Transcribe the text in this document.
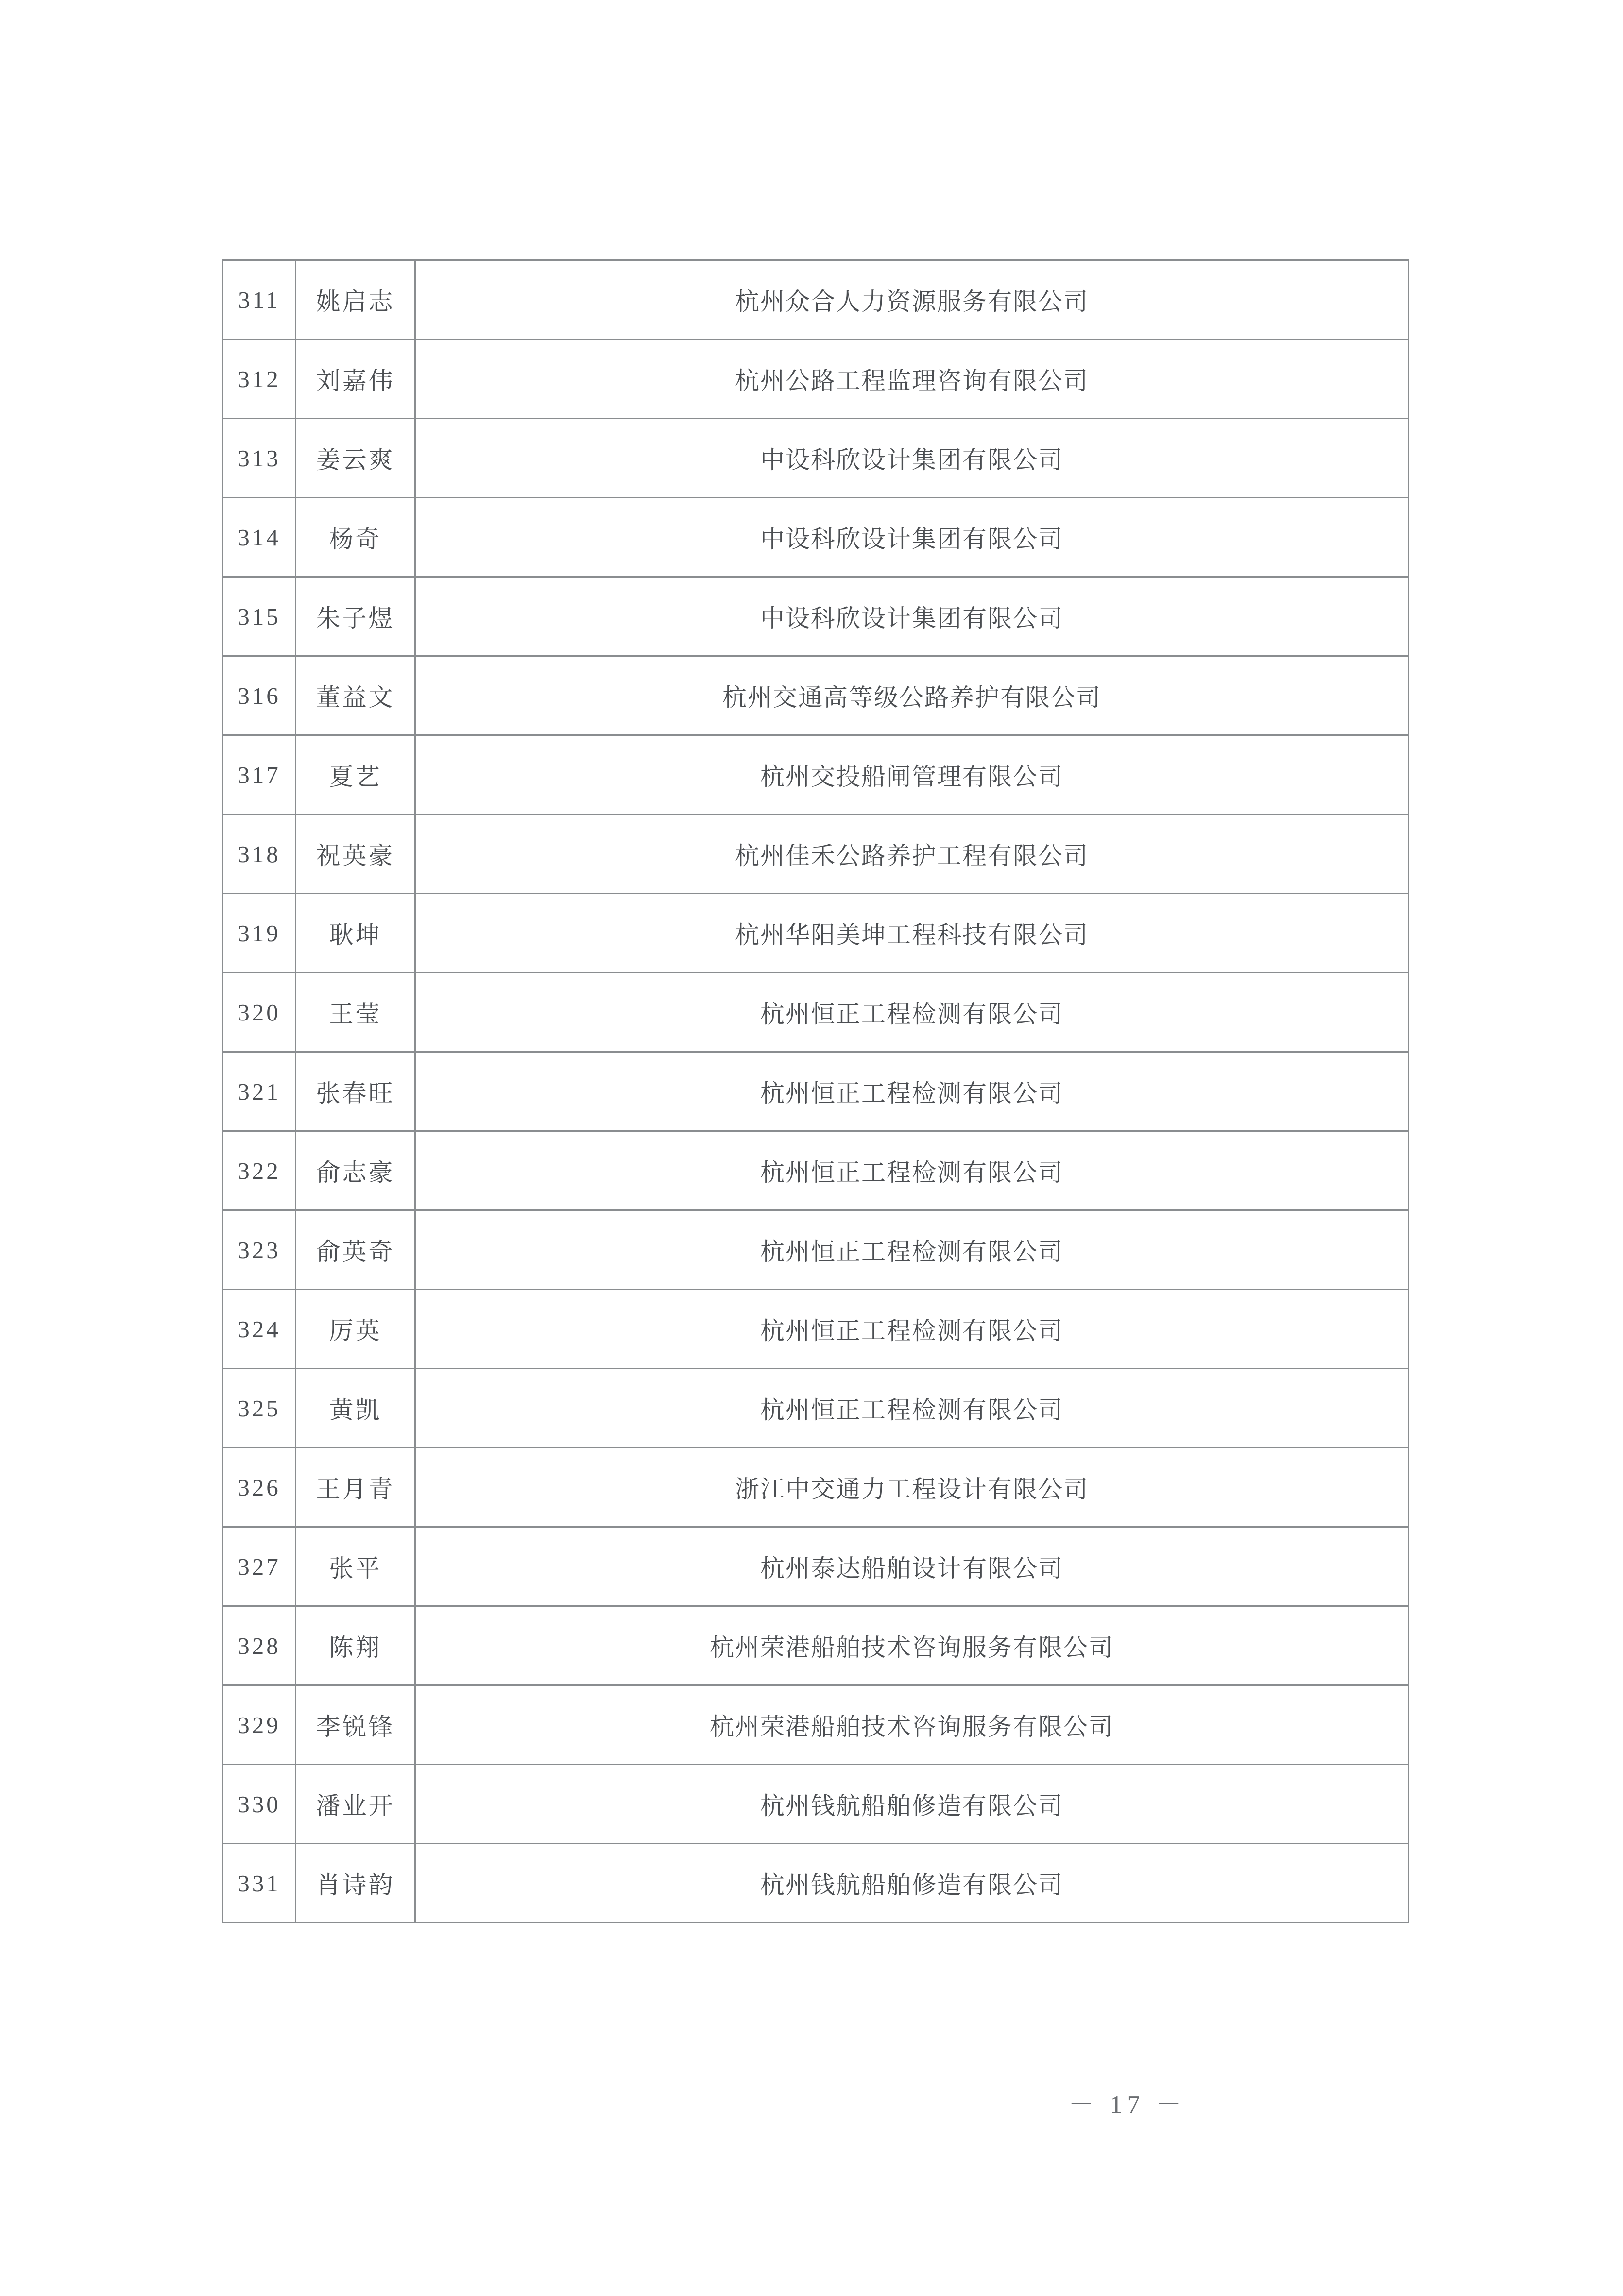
311	姚启志	杭州众合人力资源服务有限公司
312	刘嘉伟	杭州公路工程监理咨询有限公司
313	姜云爽	中设科欣设计集团有限公司
314	杨奇	中设科欣设计集团有限公司
315	朱子煜	中设科欣设计集团有限公司
316	董益文	杭州交通高等级公路养护有限公司
317	夏艺	杭州交投船闸管理有限公司
318	祝英豪	杭州佳禾公路养护工程有限公司
319	耿坤	杭州华阳美坤工程科技有限公司
320	王莹	杭州恒正工程检测有限公司
321	张春旺	杭州恒正工程检测有限公司
322	俞志豪	杭州恒正工程检测有限公司
323	俞英奇	杭州恒正工程检测有限公司
324	厉英	杭州恒正工程检测有限公司
325	黄凯	杭州恒正工程检测有限公司
326	王月青	浙江中交通力工程设计有限公司
327	张平	杭州泰达船舶设计有限公司
328	陈翔	杭州荣港船舶技术咨询服务有限公司
329	李锐锋	杭州荣港船舶技术咨询服务有限公司
330	潘业开	杭州钱航船舶修造有限公司
331	肖诗韵	杭州钱航船舶修造有限公司
－ 17 －
